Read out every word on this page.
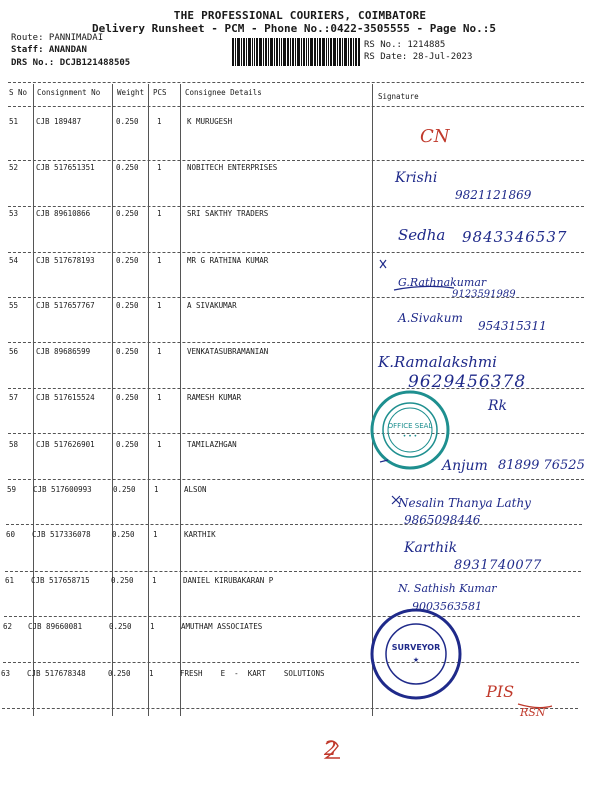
THE PROFESSIONAL COURIERS, COIMBATORE
Delivery Runsheet - PCM - Phone No.:0422-3505555 - Page No.:5
Route: PANNIMADAI
Staff: ANANDAN
DRS No.: DCJB121488505
RS No.: 1214885
RS Date: 28-Jul-2023
S No Consignment No Weight PCS Consignee Details	Signature
51 CJB 189487	0.250 1	K MURUGESH
CN
52 CJB 517651351	0.250 1	NOBITECH ENTERPRISES
Krishi
9821121869
53 CJB 89610866	0.250 1	SRI SAKTHY TRADERS
Sedha 9843346537
54 CJB 517678193	0.250 1	MR G RATHINA KUMAR
G.Rathnakumar
9123591989
55 CJB 517657767	0.250 1	A SIVAKUMAR
A.Sivakum
954315311
56 CJB 89686599	0.250 1	VENKATASUBRAMANIAN
K.Ramalakshmi
9629456378
57 CJB 517615524	0.250 1	RAMESH KUMAR
Rk
58 CJB 517626901	0.250 1	TAMILAZHGAN
Anjum 81899 76525
59 CJB 517600993	0.250 1	ALSON
Nesalin Thanya Lathy
9865098446
60 CJB 517336078	0.250 1	KARTHIK
Karthik
8931740077
61 CJB 517658715	0.250 1	DANIEL KIRUBAKARAN P
N. Sathish Kumar
9003563581
62 CJB 89660081	0.250 1	AMUTHAM ASSOCIATES
63 CJB 517678348	0.250 1	FRESH    E  -  KART    SOLUTIONS
PIS
OFFICE SEAL
• • •
SURVEYOR
★
RSN
2
